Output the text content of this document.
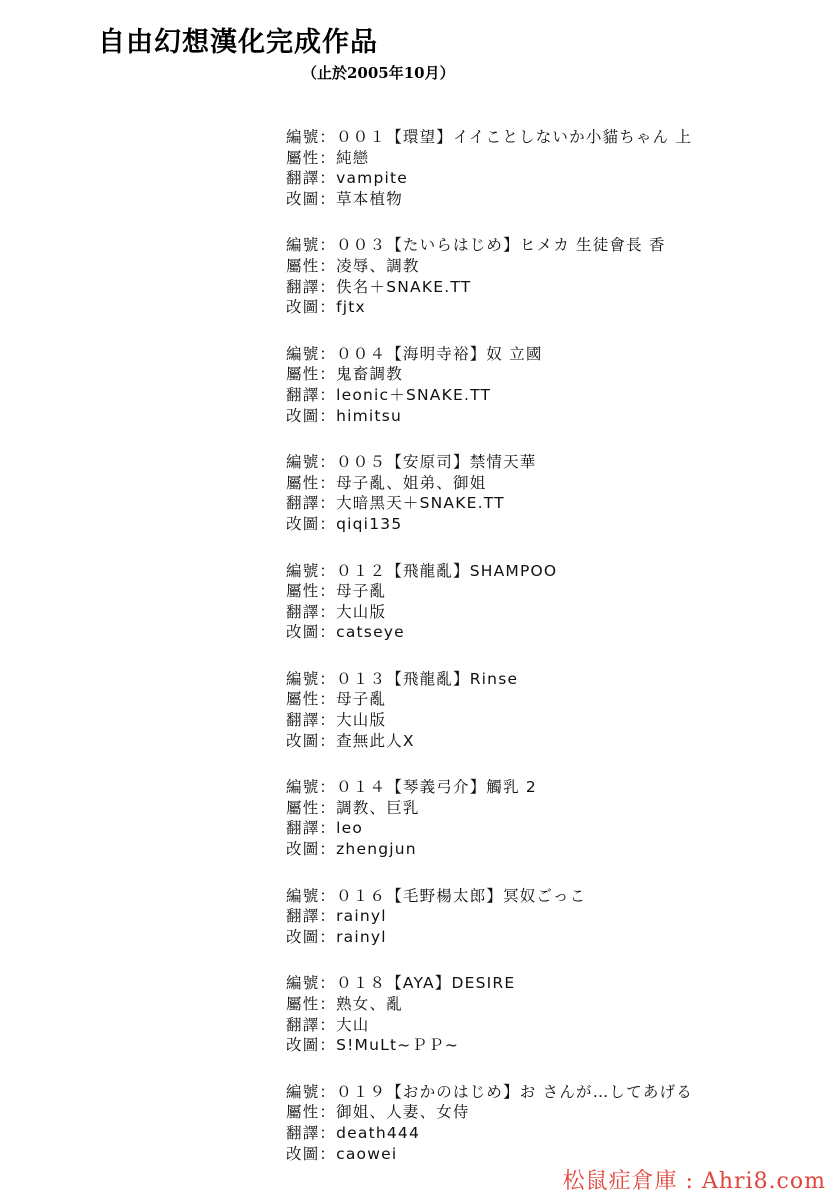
自由幻想漢化完成作品
（止於2005年10月）
編號：００１【環望】イイことしないか小貓ちゃん 上
屬性：純戀
翻譯：vampite
改圖：草本植物
編號：００３【たいらはじめ】ヒメカ 生徒會長 香
屬性：凌辱、調教
翻譯：佚名＋SNAKE.TT
改圖：fjtx
編號：００４【海明寺裕】奴 立國
屬性：鬼畜調教
翻譯：leonic＋SNAKE.TT
改圖：himitsu
編號：００５【安原司】禁情天華
屬性：母子亂、姐弟、御姐
翻譯：大暗黑天＋SNAKE.TT
改圖：qiqi135
編號：０１２【飛龍亂】SHAMPOO
屬性：母子亂
翻譯：大山版
改圖：catseye
編號：０１３【飛龍亂】Rinse
屬性：母子亂
翻譯：大山版
改圖：查無此人X
編號：０１４【琴義弓介】觸乳 2
屬性：調教、巨乳
翻譯：leo
改圖：zhengjun
編號：０１６【毛野楊太郎】冥奴ごっこ
翻譯：rainyl
改圖：rainyl
編號：０１８【AYA】DESIRE
屬性：熟女、亂
翻譯：大山
改圖：S!MuLt~ＰＰ~
編號：０１９【おかのはじめ】お さんが…してあげる
屬性：御姐、人妻、女侍
翻譯：death444
改圖：caowei
松鼠症倉庫 : Ahri8.com
